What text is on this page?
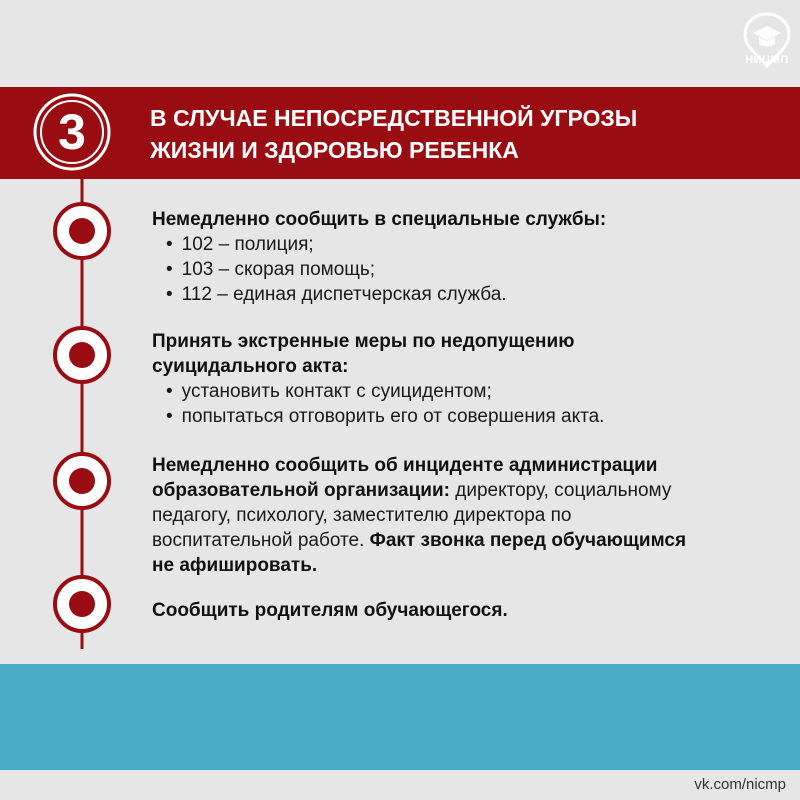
НИЦМП
3	В СЛУЧАЕ НЕПОСРЕДСТВЕННОЙ УГРОЗЫ
ЖИЗНИ И ЗДОРОВЬЮ РЕБЕНКА
Немедленно сообщить в специальные службы:
• 102 – полиция;
• 103 – скорая помощь;
• 112 – единая диспетчерская служба.
Принять экстренные меры по недопущению
суицидального акта:
• установить контакт с суицидентом;
• попытаться отговорить его от совершения акта.
Немедленно сообщить об инциденте администрации
образовательной организации: директору, социальному
педагогу, психологу, заместителю директора по
воспитательной работе. Факт звонка перед обучающимся
не афишировать.
Сообщить родителям обучающегося.
vk.com/nicmp
